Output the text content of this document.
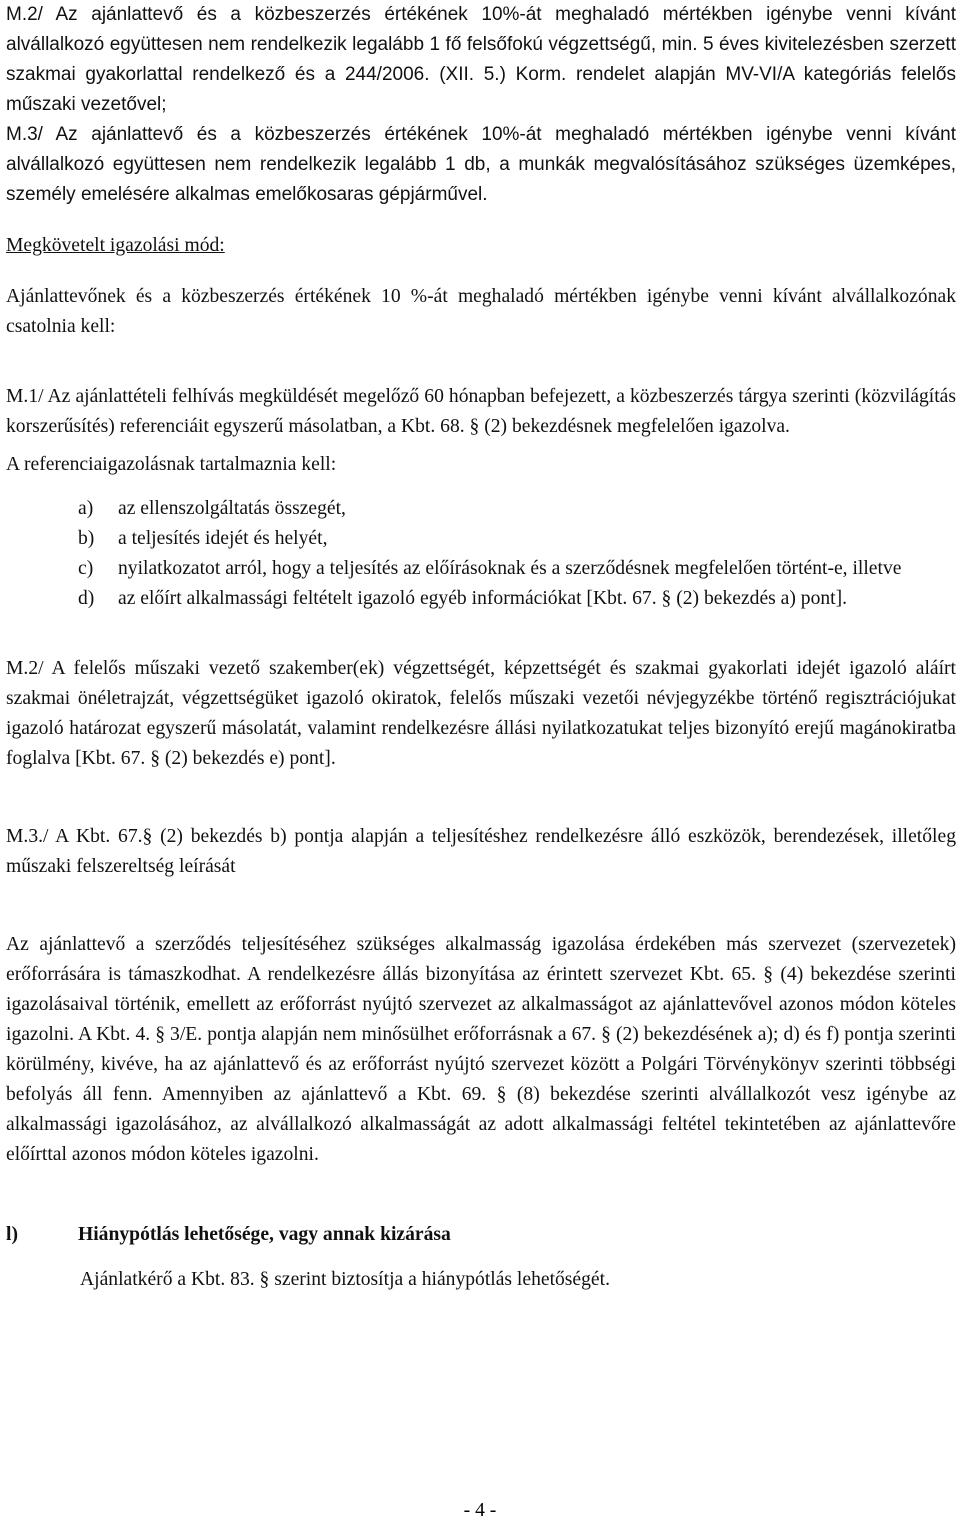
M.2/ Az ajánlattevő és a közbeszerzés értékének 10%-át meghaladó mértékben igénybe venni kívánt alvállalkozó együttesen nem rendelkezik legalább 1 fő felsőfokú végzettségű, min. 5 éves kivitelezésben szerzett szakmai gyakorlattal rendelkező és a 244/2006. (XII. 5.) Korm. rendelet alapján MV-VI/A kategóriás felelős műszaki vezetővel;

M.3/ Az ajánlattevő és a közbeszerzés értékének 10%-át meghaladó mértékben igénybe venni kívánt alvállalkozó együttesen nem rendelkezik legalább 1 db, a munkák megvalósításához szükséges üzemképes, személy emelésére alkalmas emelőkosaras gépjárművel.

Megkövetelt igazolási mód:

Ajánlattevőnek és a közbeszerzés értékének 10 %-át meghaladó mértékben igénybe venni kívánt alvállalkozónak csatolnia kell:

M.1/ Az ajánlattételi felhívás megküldését megelőző 60 hónapban befejezett, a közbeszerzés tárgya szerinti (közvilágítás korszerűsítés) referenciáit egyszerű másolatban, a Kbt. 68. § (2) bekezdésnek megfelelően igazolva.

A referenciaigazolásnak tartalmaznia kell:

a) az ellenszolgáltatás összegét,
b) a teljesítés idejét és helyét,
c) nyilatkozatot arról, hogy a teljesítés az előírásoknak és a szerződésnek megfelelően történt-e, illetve
d) az előírt alkalmassági feltételt igazoló egyéb információkat [Kbt. 67. § (2) bekezdés a) pont].

M.2/ A felelős műszaki vezető szakember(ek) végzettségét, képzettségét és szakmai gyakorlati idejét igazoló aláírt szakmai önéletrajzát, végzettségüket igazoló okiratok, felelős műszaki vezetői névjegyzékbe történő regisztrációjukat igazoló határozat egyszerű másolatát, valamint rendelkezésre állási nyilatkozatukat teljes bizonyító erejű magánokiratba foglalva [Kbt. 67. § (2) bekezdés e) pont].

M.3./ A Kbt. 67.§ (2) bekezdés b) pontja alapján a teljesítéshez rendelkezésre álló eszközök, berendezések, illetőleg műszaki felszereltség leírását

Az ajánlattevő a szerződés teljesítéséhez szükséges alkalmasság igazolása érdekében más szervezet (szervezetek) erőforrására is támaszkodhat. A rendelkezésre állás bizonyítása az érintett szervezet Kbt. 65. § (4) bekezdése szerinti igazolásaival történik, emellett az erőforrást nyújtó szervezet az alkalmasságot az ajánlattevővel azonos módon köteles igazolni. A Kbt. 4. § 3/E. pontja alapján nem minősülhet erőforrásnak a 67. § (2) bekezdésének a); d) és f) pontja szerinti körülmény, kivéve, ha az ajánlattevő és az erőforrást nyújtó szervezet között a Polgári Törvénykönyv szerinti többségi befolyás áll fenn. Amennyiben az ajánlattevő a Kbt. 69. § (8) bekezdése szerinti alvállalkozót vesz igénybe az alkalmassági igazolásához, az alvállalkozó alkalmasságát az adott alkalmassági feltétel tekintetében az ajánlattevőre előírttal azonos módon köteles igazolni.

l)	Hiánypótlás lehetősége, vagy annak kizárása

Ajánlatkérő a Kbt. 83. § szerint biztosítja a hiánypótlás lehetőségét.

- 4 -
